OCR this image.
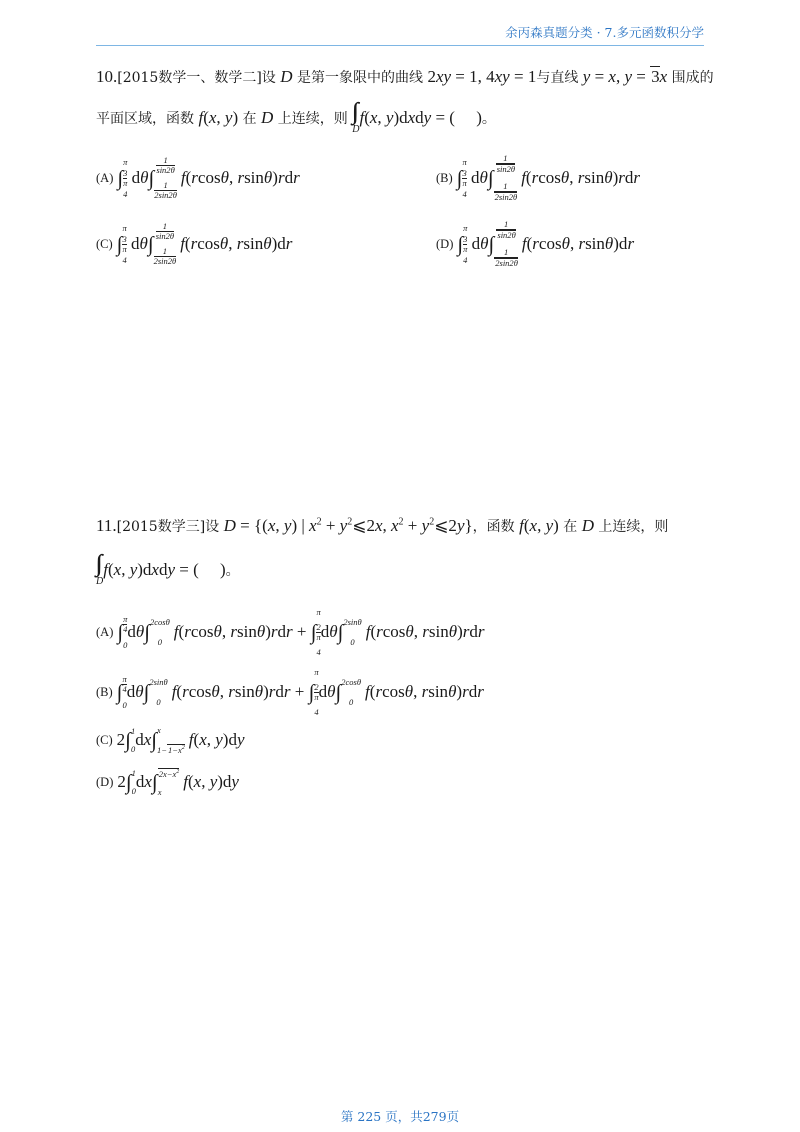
余丙森真题分类 · 7.多元函数积分学
10. [2015数学一、数学二]设 D 是第一象限中的曲线 2 xy = 1, 4 xy = 1 与直线 y = x , y = 3 x 围成的
平面区域，函数 f ( x , y ) 在 D 上连续，则
D
f ( x , y )d x d y = (     ) 。
(A) ∫
π
$\frac{3}{\pi}$
4
d θ ∫
$\frac{1}{\sin 2\theta}$
$\frac{1}{2\sin 2\theta}$
f ( r cos θ , r sin θ ) r d r	(B) ∫
π
$\frac{3}{\pi}$
4
d θ ∫
$\frac{1}{\sin 2\theta}$
$\frac{1}{2\sin 2\theta}$
f ( r cos θ , r sin θ ) r d r
(C) ∫
π
$\frac{3}{\pi}$
4
d θ ∫
$\frac{1}{\sin 2\theta}$
$\frac{1}{2\sin 2\theta}$
f ( r cos θ , r sin θ )d r	(D) ∫
π
$\frac{3}{\pi}$
4
d θ ∫
$\frac{1}{\sin 2\theta}$
$\frac{1}{2\sin 2\theta}$
f ( r cos θ , r sin θ )d r
11. [2015数学三]设 D = {( x , y ) | x $^2$ + y $^2$⩽2 x , x $^2$ + y $^2$⩽2 y } ，函数 f ( x , y ) 在 D 上连续，则
D
f ( x , y )d x d y = (     ) 。
(A) ∫ $\frac{\pi}{4}$
0
d θ ∫ 2cosθ
0
f ( r cos θ , r sin θ ) r d r + ∫
π
$\frac{2}{\pi}$
4
d θ ∫ 2sinθ
0
f ( r cos θ , r sin θ ) r d r
(B) ∫ $\frac{\pi}{4}$
0
d θ ∫ 2sinθ
0
f ( r cos θ , r sin θ ) r d r + ∫
π
$\frac{2}{\pi}$
4
d θ ∫ 2cosθ
0
f ( r cos θ , r sin θ ) r d r
(C) 2 ∫ 1
0 d x ∫ x
$1-1-x^2$ f ( x , y )d y
(D) 2 ∫ 1
0 d x ∫ $2x-x^2$
x
f ( x , y )d y
第 225 页，共279页
